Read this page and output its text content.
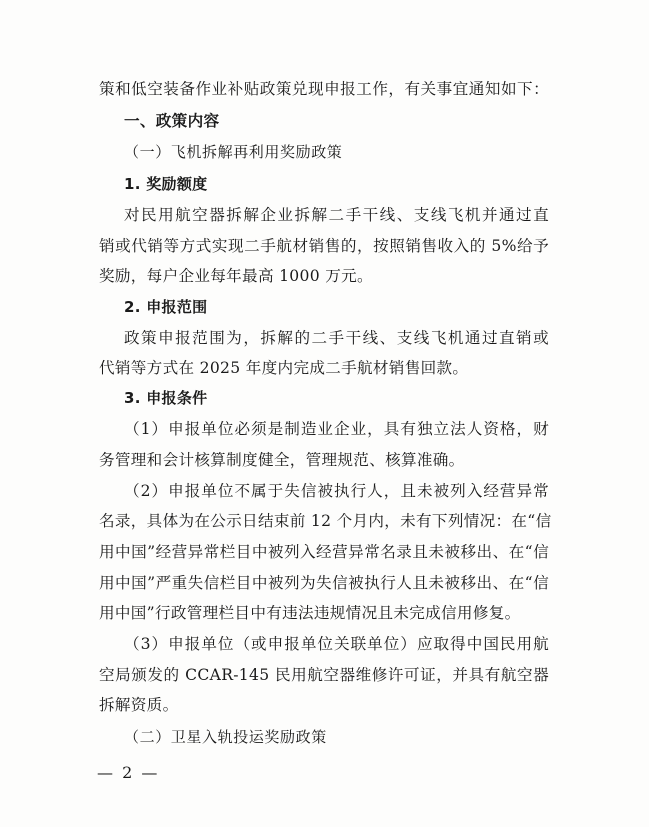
策和低空装备作业补贴政策兑现申报工作，有关事宜通知如下：
一、政策内容
（一）飞机拆解再利用奖励政策
1. 奖励额度
对民用航空器拆解企业拆解二手干线、支线飞机并通过直
销或代销等方式实现二手航材销售的，按照销售收入的 5%给予
奖励，每户企业每年最高 1000 万元。
2. 申报范围
政策申报范围为，拆解的二手干线、支线飞机通过直销或
代销等方式在 2025 年度内完成二手航材销售回款。
3. 申报条件
（1）申报单位必须是制造业企业，具有独立法人资格，财
务管理和会计核算制度健全，管理规范、核算准确。
（2）申报单位不属于失信被执行人，且未被列入经营异常
名录，具体为在公示日结束前 12 个月内，未有下列情况：在“信
用中国”经营异常栏目中被列入经营异常名录且未被移出、在“信
用中国”严重失信栏目中被列为失信被执行人且未被移出、在“信
用中国”行政管理栏目中有违法违规情况且未完成信用修复。
（3）申报单位（或申报单位关联单位）应取得中国民用航
空局颁发的 CCAR-145 民用航空器维修许可证，并具有航空器
拆解资质。
（二）卫星入轨投运奖励政策
— 2 —
